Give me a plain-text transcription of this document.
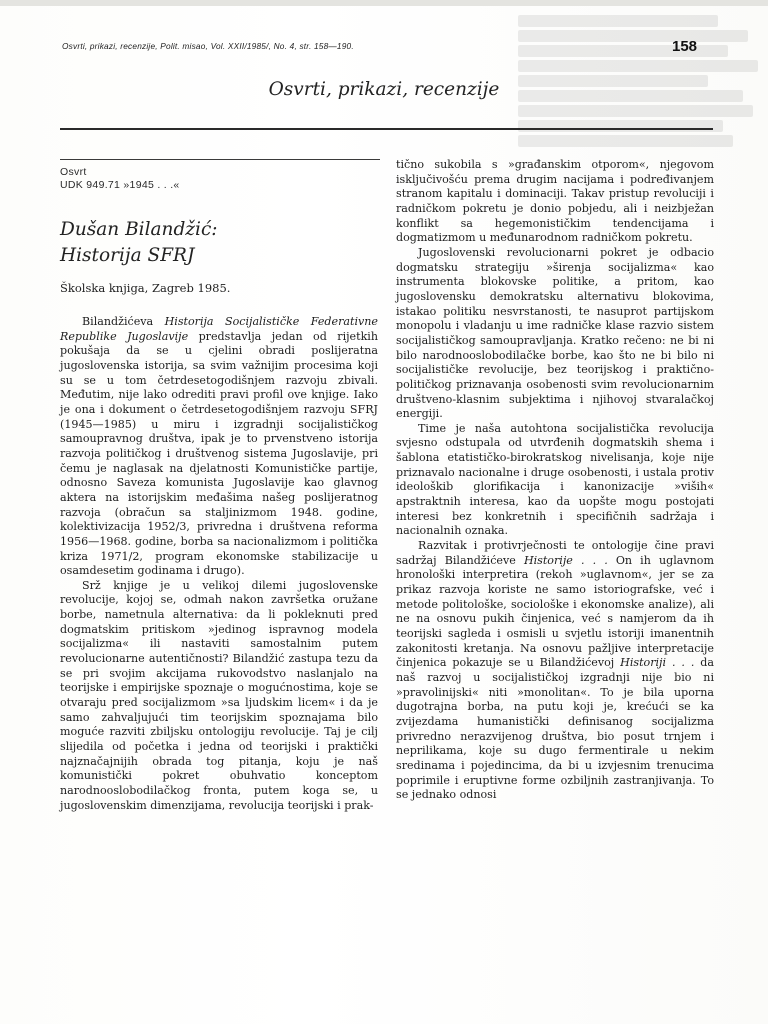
Osvrti, prikazi, recenzije, Polit. misao, Vol. XXII/1985/, No. 4, str. 158—190.	158
Osvrti, prikazi, recenzije
Osvrt
UDK 949.71 »1945 . . .«
Dušan Bilandžić:
Historija SFRJ
Školska knjiga, Zagreb 1985.

Bilandžićeva Historija Socijalističke Federativne Republike Jugoslavije predstavlja jedan od rijetkih pokušaja da se u cjelini obradi poslijeratna jugoslovenska istorija, sa svim važnijim procesima koji su se u tom četrdesetogodišnjem razvoju zbivali. Međutim, nije lako odrediti pravi profil ove knjige. Iako je ona i dokument o četrdesetogodišnjem razvoju SFRJ (1945—1985) u miru i izgradnji socijalističkog samoupravnog društva, ipak je to prvenstveno istorija razvoja političkog i društvenog sistema Jugoslavije, pri čemu je naglasak na djelatnosti Komunističke partije, odnosno Saveza komunista Jugoslavije kao glavnog aktera na istorijskim međašima našeg poslijeratnog razvoja (obračun sa staljinizmom 1948. godine, kolektivizacija 1952/3, privredna i društvena reforma 1956—1968. godine, borba sa nacionalizmom i politička kriza 1971/2, program ekonomske stabilizacije u osamdesetim godinama i drugo).

Srž knjige je u velikoj dilemi jugoslovenske revolucije, kojoj se, odmah nakon završetka oružane borbe, nametnula alternativa: da li pokleknuti pred dogmatskim pritiskom »jedinog ispravnog modela socijalizma« ili nastaviti samostalnim putem revolucionarne autentičnosti? Bilandžić zastupa tezu da se pri svojim akcijama rukovodstvo naslanjalo na teorijske i empirijske spoznaje o mogućnostima, koje se otvaraju pred socijalizmom »sa ljudskim licem« i da je samo zahvaljujući tim teorijskim spoznajama bilo moguće razviti zbiljsku ontologiju revolucije. Taj je cilj slijedila od početka i jedna od teorijski i praktički najznačajnijih obrada tog pitanja, koju je naš komunistički pokret obuhvatio konceptom narodnooslobodilačkog fronta, putem koga se, u jugoslovenskim dimenzijama, revolucija teorijski i prak-

tično sukobila s »građanskim otporom«, njegovom isključivošću prema drugim nacijama i podređivanjem stranom kapitalu i dominaciji. Takav pristup revoluciji i radničkom pokretu je donio pobjedu, ali i neizbježan konflikt sa hegemonističkim tendencijama i dogmatizmom u međunarodnom radničkom pokretu.

Jugoslovenski revolucionarni pokret je odbacio dogmatsku strategiju »širenja socijalizma« kao instrumenta blokovske politike, a pritom, kao jugoslovensku demokratsku alternativu blokovima, istakao politiku nesvrstanosti, te nasuprot partijskom monopolu i vladanju u ime radničke klase razvio sistem socijalističkog samoupravljanja. Kratko rečeno: ne bi ni bilo narodnooslobodilačke borbe, kao što ne bi bilo ni socijalističke revolucije, bez teorijskog i praktično-političkog priznavanja osobenosti svim revolucionarnim društveno-klasnim subjektima i njihovoj stvaralačkoj energiji.

Time je naša autohtona socijalistička revolucija svjesno odstupala od utvrđenih dogmatskih shema i šablona etatističko-birokratskog nivelisanja, koje nije priznavalo nacionalne i druge osobenosti, i ustala protiv ideološkib glorifikacija i kanonizacije »viših« apstraktnih interesa, kao da uopšte mogu postojati interesi bez konkretnih i specifičnih sadržaja i nacionalnih oznaka.

Razvitak i protivrječnosti te ontologije čine pravi sadržaj Bilandžićeve Historije . . . On ih uglavnom hronološki interpretira (rekoh »uglavnom«, jer se za prikaz razvoja koriste ne samo istoriografske, već i metode politološke, sociološke i ekonomske analize), ali ne na osnovu pukih činjenica, već s namjerom da ih teorijski sagleda i osmisli u svjetlu istoriji imanentnih zakonitosti kretanja. Na osnovu pažljive interpretacije činjenica pokazuje se u Bilandžićevoj Historiji . . . da naš razvoj u socijalističkoj izgradnji nije bio ni »pravolinijski« niti »monolitan«. To je bila uporna dugotrajna borba, na putu koji je, krećući se ka zvijezdama humanistički definisanog socijalizma privredno nerazvijenog društva, bio posut trnjem i neprilikama, koje su dugo fermentirale u nekim sredinama i pojedincima, da bi u izvjesnim trenucima poprimile i eruptivne forme ozbiljnih zastranjivanja. To se jednako odnosi
